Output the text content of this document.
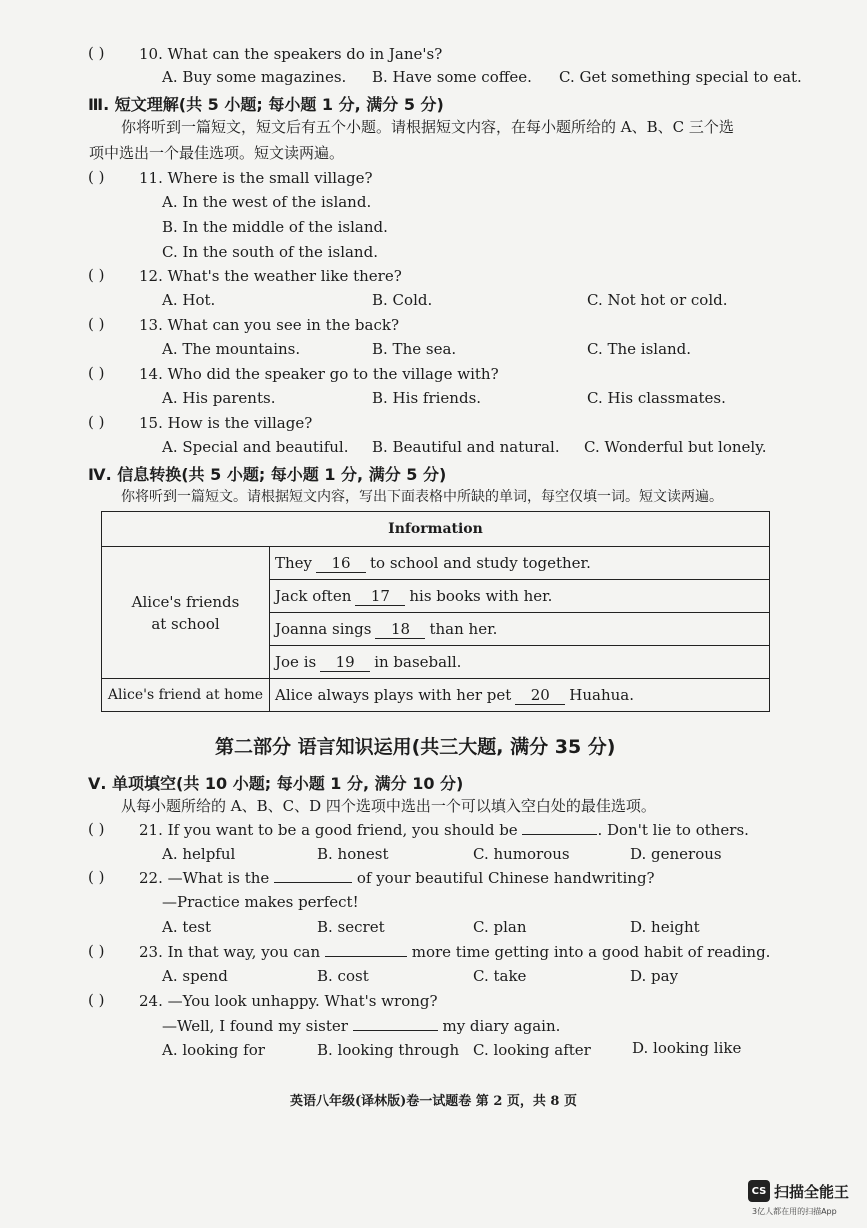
( ) 10. What can the speakers do in Jane's?
A. Buy some magazines. B. Have some coffee. C. Get something special to eat.
Ⅲ. 短文理解(共 5 小题; 每小题 1 分, 满分 5 分)
你将听到一篇短文，短文后有五个小题。请根据短文内容，在每小题所给的 A、B、C 三个选
项中选出一个最佳选项。短文读两遍。
( ) 11. Where is the small village?
A. In the west of the island.
B. In the middle of the island.
C. In the south of the island.
( ) 12. What's the weather like there?
A. Hot.	B. Cold.	C. Not hot or cold.
( ) 13. What can you see in the back?
A. The mountains.	B. The sea.	C. The island.
( ) 14. Who did the speaker go to the village with?
A. His parents.	B. His friends.	C. His classmates.
( ) 15. How is the village?
A. Special and beautiful. B. Beautiful and natural. C. Wonderful but lonely.
Ⅳ. 信息转换(共 5 小题; 每小题 1 分, 满分 5 分)
你将听到一篇短文。请根据短文内容，写出下面表格中所缺的单词，每空仅填一词。短文读两遍。
Information	

Alice's friends
at school	They 16 to school and study together.
	Jack often 17 his books with her.
	Joanna sings 18 than her.
	Joe is 19 in baseball.
Alice's friend at home	Alice always plays with her pet 20 Huahua.
第二部分 语言知识运用(共三大题, 满分 35 分)
Ⅴ. 单项填空(共 10 小题; 每小题 1 分, 满分 10 分)
从每小题所给的 A、B、C、D 四个选项中选出一个可以填入空白处的最佳选项。
( ) 21. If you want to be a good friend, you should be	. Don't lie to others.
A. helpful	B. honest	C. humorous	D. generous
( ) 22. —What is the	of your beautiful Chinese handwriting?
—Practice makes perfect!
A. test	B. secret	C. plan	D. height
( ) 23. In that way, you can	more time getting into a good habit of reading.
A. spend	B. cost	C. take	D. pay
( ) 24. —You look unhappy. What's wrong?
—Well, I found my sister	my diary again.
A. looking for	B. looking through C. looking after	D. looking like
英语八年级(译林版)卷一试题卷 第 2 页，共 8 页
CS 扫描全能王
3亿人都在用的扫描App
